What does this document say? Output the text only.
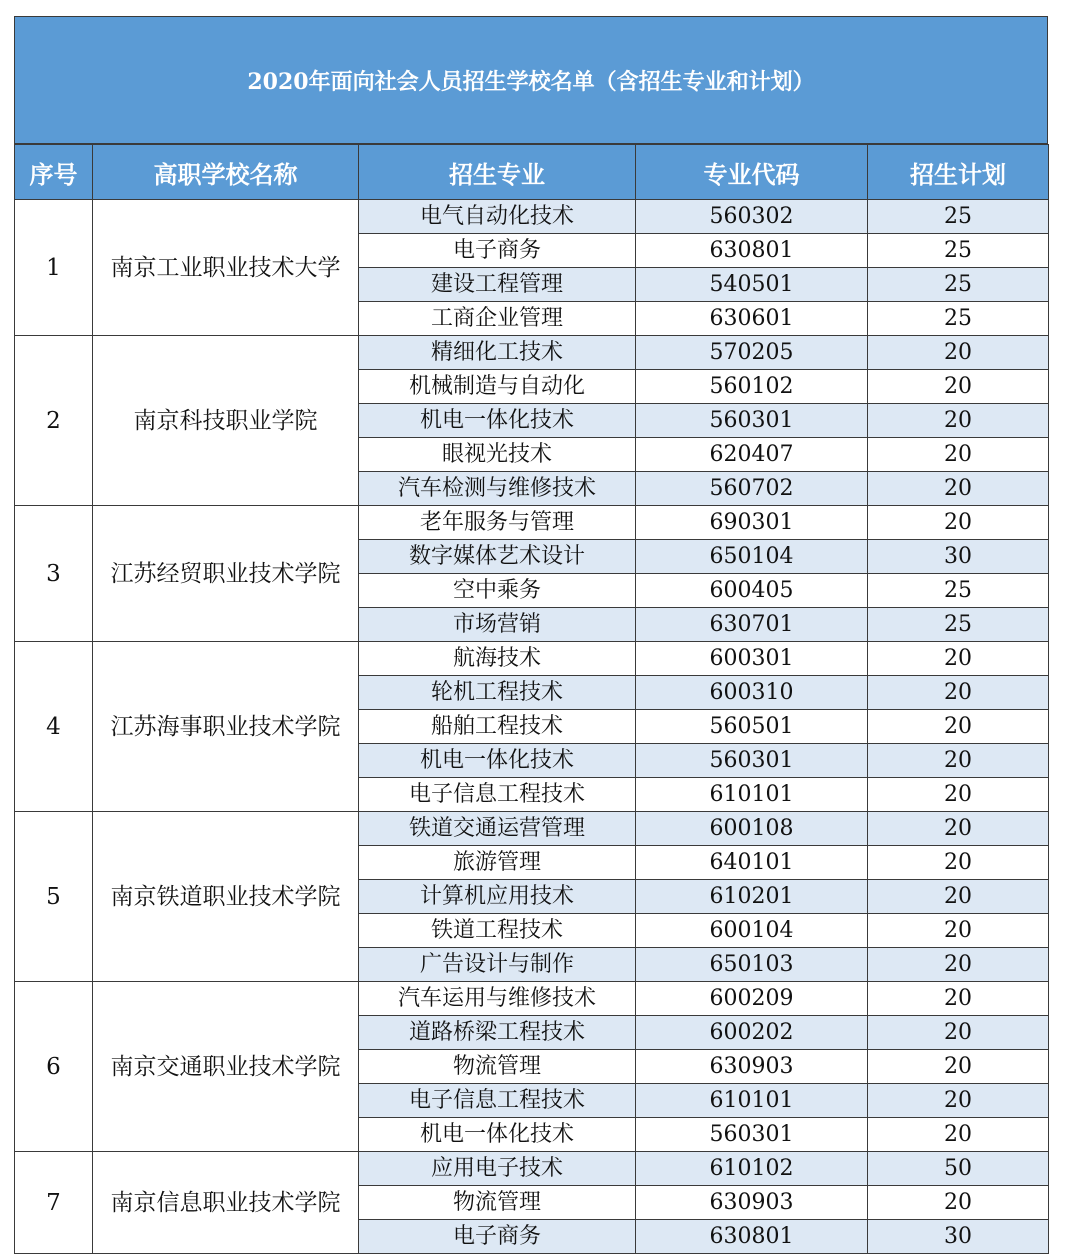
2020年面向社会人员招生学校名单（含招生专业和计划）
序号	高职学校名称	招生专业	专业代码	招生计划
1	南京工业职业技术大学	电气自动化技术	560302	25
		电子商务	630801	25
		建设工程管理	540501	25
		工商企业管理	630601	25
2	南京科技职业学院	精细化工技术	570205	20
		机械制造与自动化	560102	20
		机电一体化技术	560301	20
		眼视光技术	620407	20
		汽车检测与维修技术	560702	20
3	江苏经贸职业技术学院	老年服务与管理	690301	20
		数字媒体艺术设计	650104	30
		空中乘务	600405	25
		市场营销	630701	25
4	江苏海事职业技术学院	航海技术	600301	20
		轮机工程技术	600310	20
		船舶工程技术	560501	20
		机电一体化技术	560301	20
		电子信息工程技术	610101	20
5	南京铁道职业技术学院	铁道交通运营管理	600108	20
		旅游管理	640101	20
		计算机应用技术	610201	20
		铁道工程技术	600104	20
		广告设计与制作	650103	20
6	南京交通职业技术学院	汽车运用与维修技术	600209	20
		道路桥梁工程技术	600202	20
		物流管理	630903	20
		电子信息工程技术	610101	20
		机电一体化技术	560301	20
7	南京信息职业技术学院	应用电子技术	610102	50
		物流管理	630903	20
		电子商务	630801	30
